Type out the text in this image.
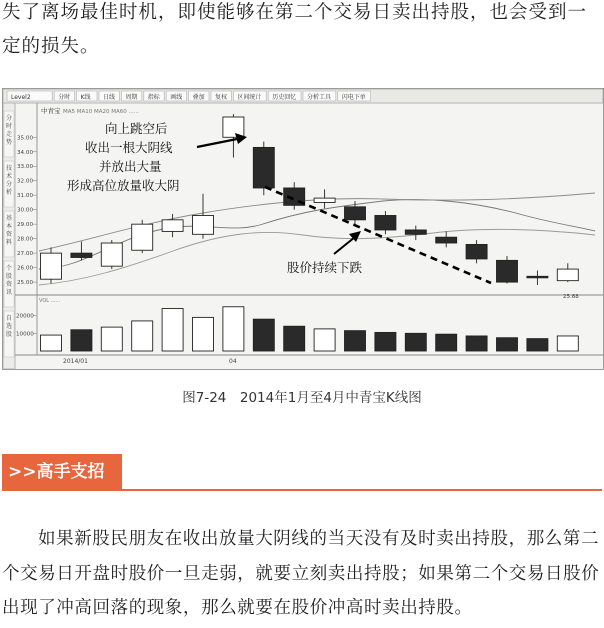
失了离场最佳时机，即使能够在第二个交易日卖出持股，也会受到一定的损失。
Level2	分时 K线 日线 周期 指标 画线 叠加 复权 区间统计 历史回忆 分析工具 闪电下单
分
时
走
势
技
术
分
析
基
本
资
料
个
股
资
讯
自
选
股
35.00
34.00
33.00
32.00
31.00
30.00
29.00
28.00
27.00
26.00
25.00
中青宝 MA5 MA10 MA20 MA60 ......
向上跳空后
收出一根大阴线
并放出大量
形成高位放量收大阴
股价持续下跌
25.68
VOL ......
20000
10000
2014/01	04
图7-24　2014年1月至4月中青宝K线图
>>高手支招
如果新股民朋友在收出放量大阴线的当天没有及时卖出持股，那么第二个交易日开盘时股价一旦走弱，就要立刻卖出持股；如果第二个交易日股价出现了冲高回落的现象，那么就要在股价冲高时卖出持股。
